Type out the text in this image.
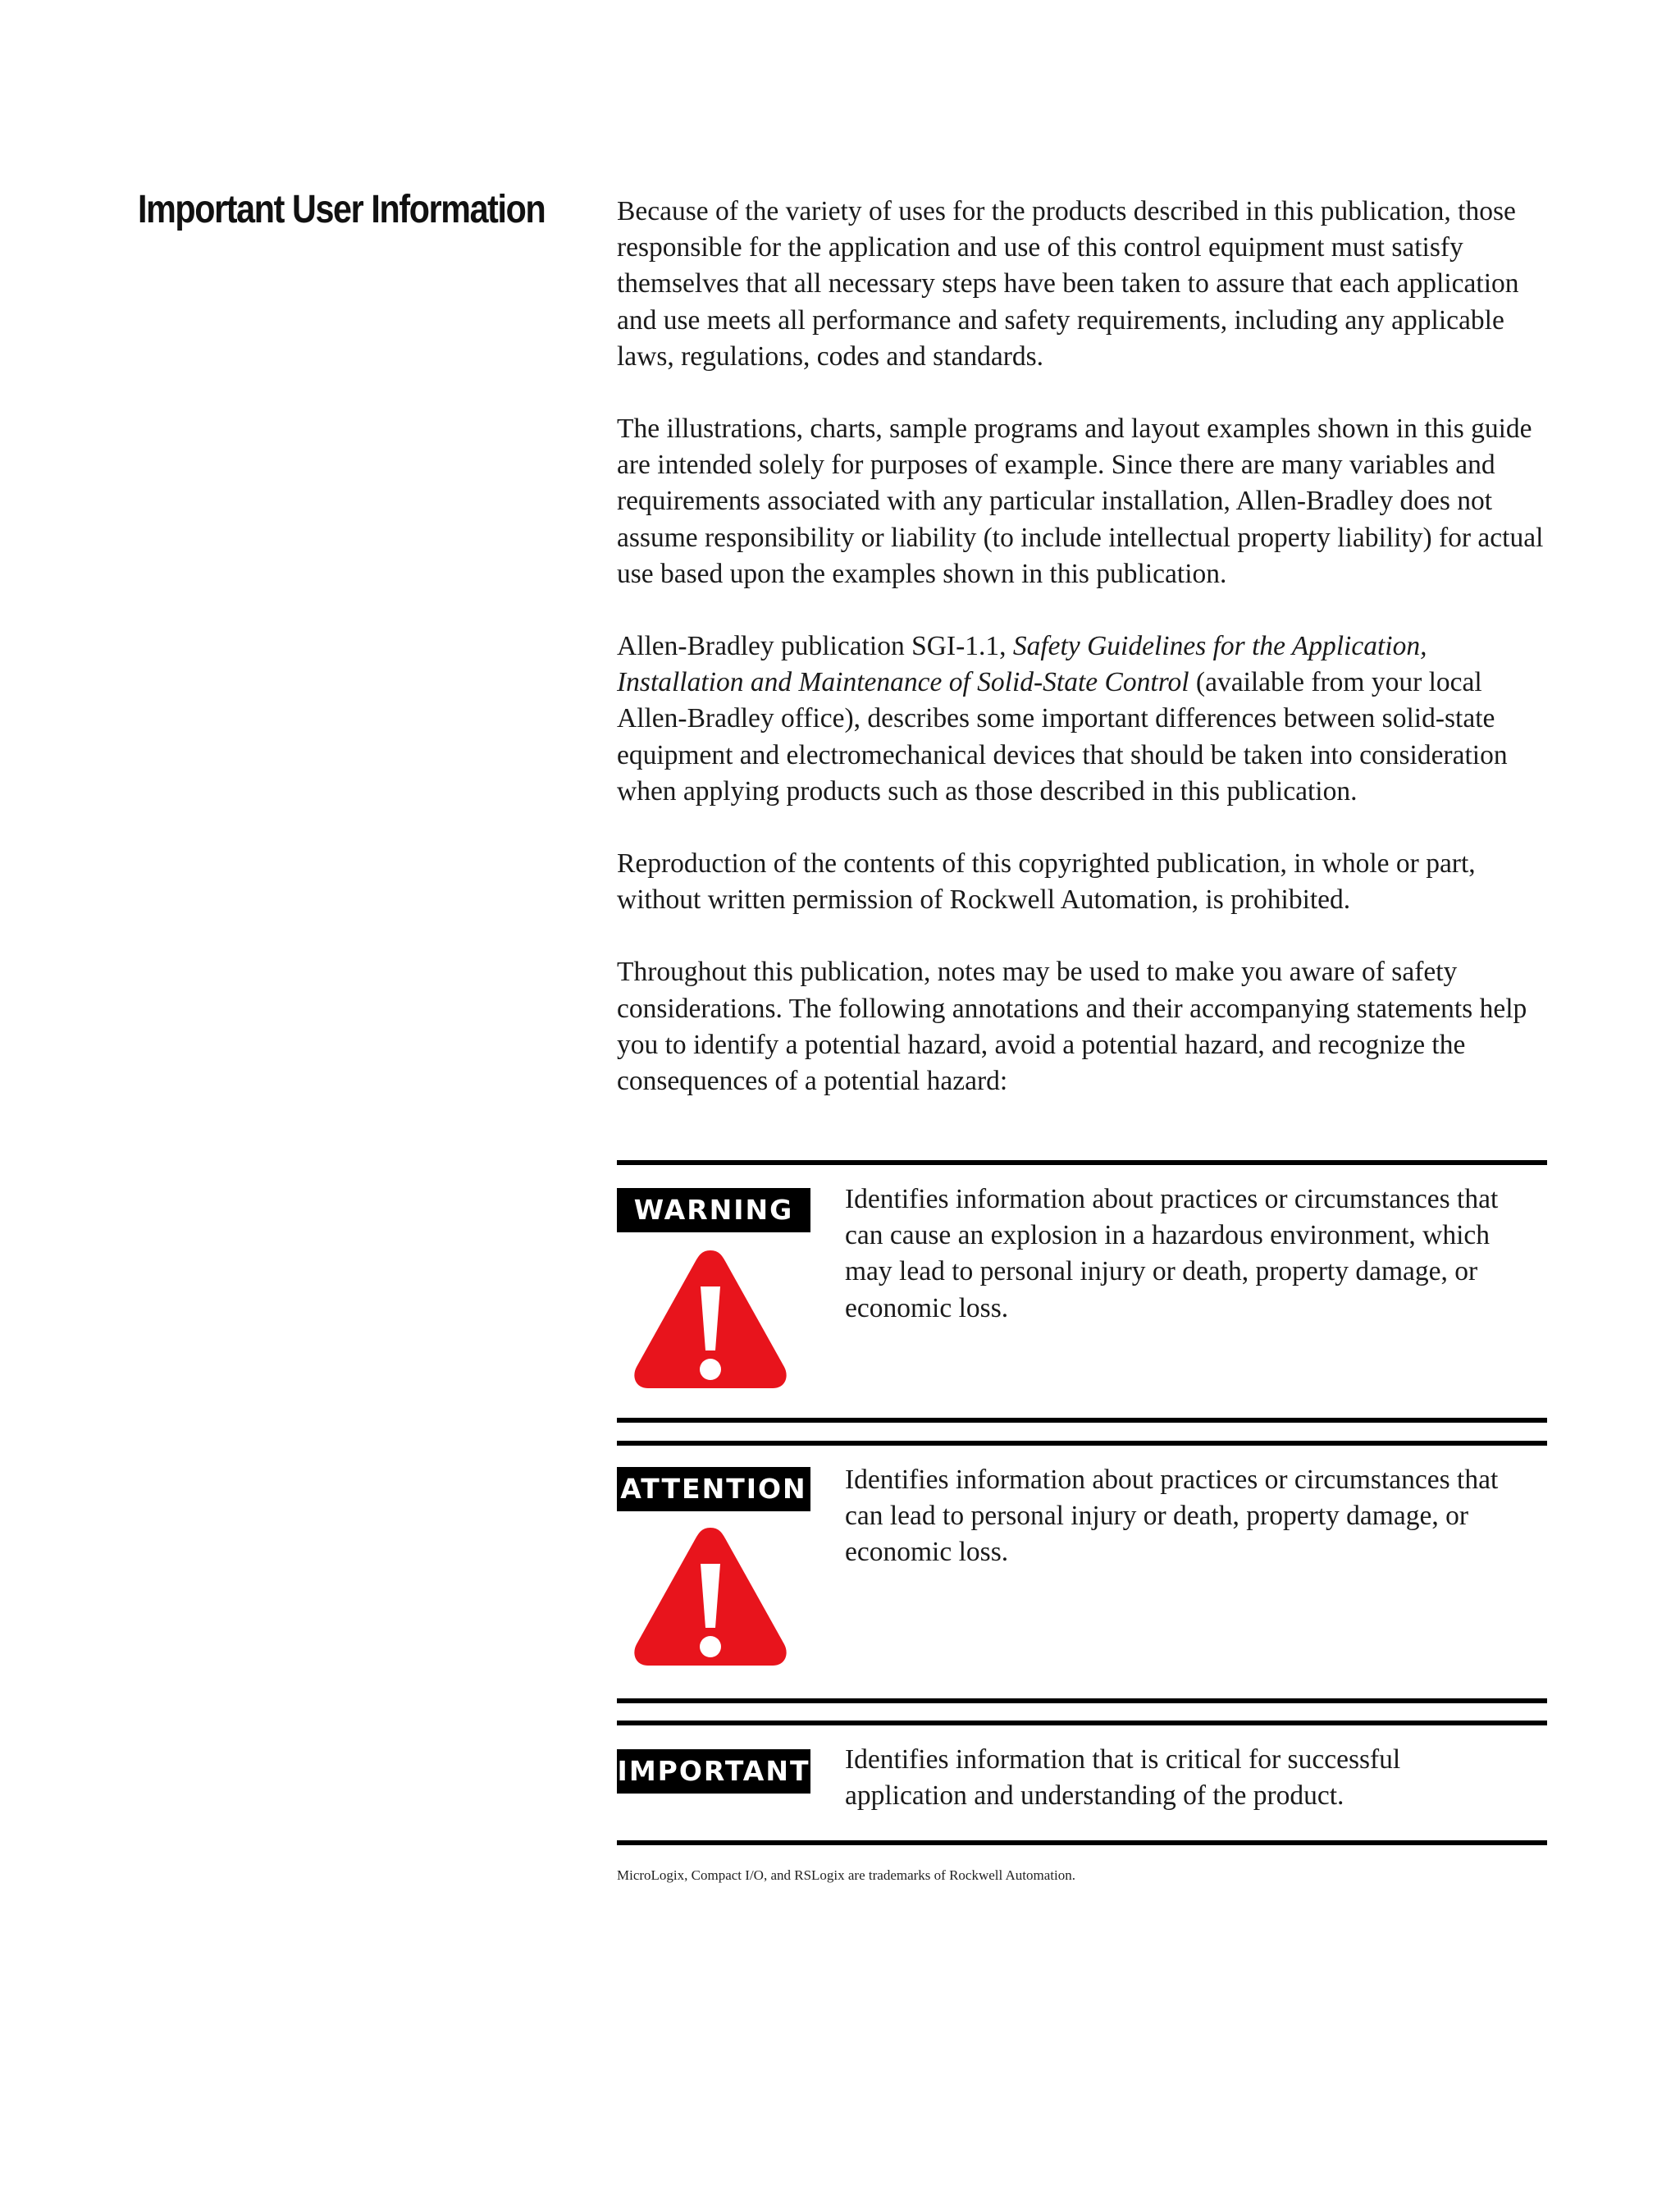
Important User Information	Because of the variety of uses for the products described in this publication, those responsible for the application and use of this control equipment must satisfy themselves that all necessary steps have been taken to assure that each application and use meets all performance and safety requirements, including any applicable laws, regulations, codes and standards.

The illustrations, charts, sample programs and layout examples shown in this guide are intended solely for purposes of example. Since there are many variables and requirements associated with any particular installation, Allen-Bradley does not assume responsibility or liability (to include intellectual property liability) for actual use based upon the examples shown in this publication.

Allen-Bradley publication SGI-1.1, Safety Guidelines for the Application, Installation and Maintenance of Solid-State Control (available from your local Allen-Bradley office), describes some important differences between solid-state equipment and electromechanical devices that should be taken into consideration when applying products such as those described in this publication.

Reproduction of the contents of this copyrighted publication, in whole or part, without written permission of Rockwell Automation, is prohibited.

Throughout this publication, notes may be used to make you aware of safety considerations. The following annotations and their accompanying statements help you to identify a potential hazard, avoid a potential hazard, and recognize the consequences of a potential hazard:

WARNING	Identifies information about practices or circumstances that can cause an explosion in a hazardous environment, which may lead to personal injury or death, property damage, or economic loss.
ATTENTION Identifies information about practices or circumstances that can lead to personal injury or death, property damage, or economic loss.
IMPORTANT Identifies information that is critical for successful application and understanding of the product.
MicroLogix, Compact I/O, and RSLogix are trademarks of Rockwell Automation.
